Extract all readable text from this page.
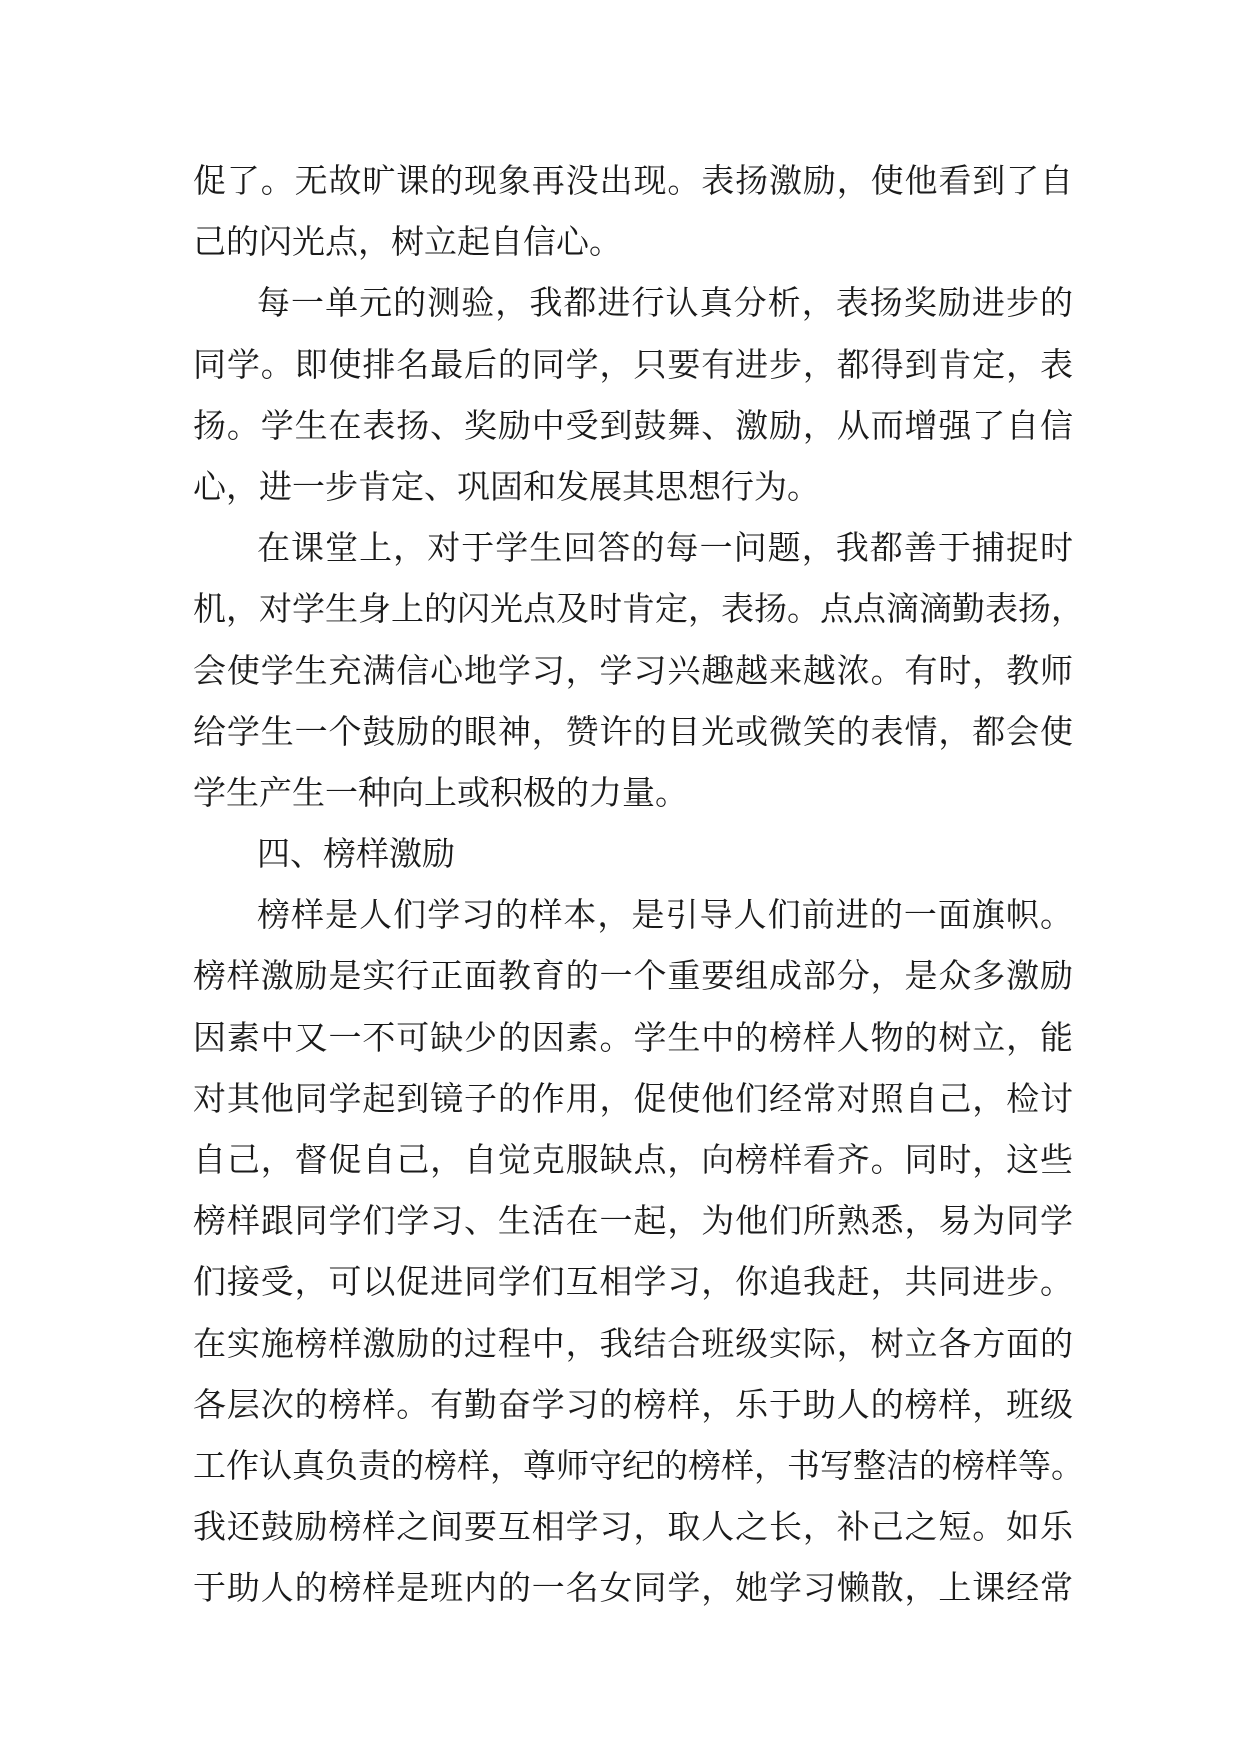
促了。无故旷课的现象再没出现。表扬激励，使他看到了自
己的闪光点，树立起自信心。
每一单元的测验，我都进行认真分析，表扬奖励进步的
同学。即使排名最后的同学，只要有进步，都得到肯定，表
扬。学生在表扬、奖励中受到鼓舞、激励，从而增强了自信
心，进一步肯定、巩固和发展其思想行为。
在课堂上，对于学生回答的每一问题，我都善于捕捉时
机，对学生身上的闪光点及时肯定，表扬。点点滴滴勤表扬，
会使学生充满信心地学习，学习兴趣越来越浓。有时，教师
给学生一个鼓励的眼神，赞许的目光或微笑的表情，都会使
学生产生一种向上或积极的力量。
四、榜样激励
榜样是人们学习的样本，是引导人们前进的一面旗帜。
榜样激励是实行正面教育的一个重要组成部分，是众多激励
因素中又一不可缺少的因素。学生中的榜样人物的树立，能
对其他同学起到镜子的作用，促使他们经常对照自己，检讨
自己，督促自己，自觉克服缺点，向榜样看齐。同时，这些
榜样跟同学们学习、生活在一起，为他们所熟悉，易为同学
们接受，可以促进同学们互相学习，你追我赶，共同进步。
在实施榜样激励的过程中，我结合班级实际，树立各方面的
各层次的榜样。有勤奋学习的榜样，乐于助人的榜样，班级
工作认真负责的榜样，尊师守纪的榜样，书写整洁的榜样等。
我还鼓励榜样之间要互相学习，取人之长，补己之短。如乐
于助人的榜样是班内的一名女同学，她学习懒散，上课经常
